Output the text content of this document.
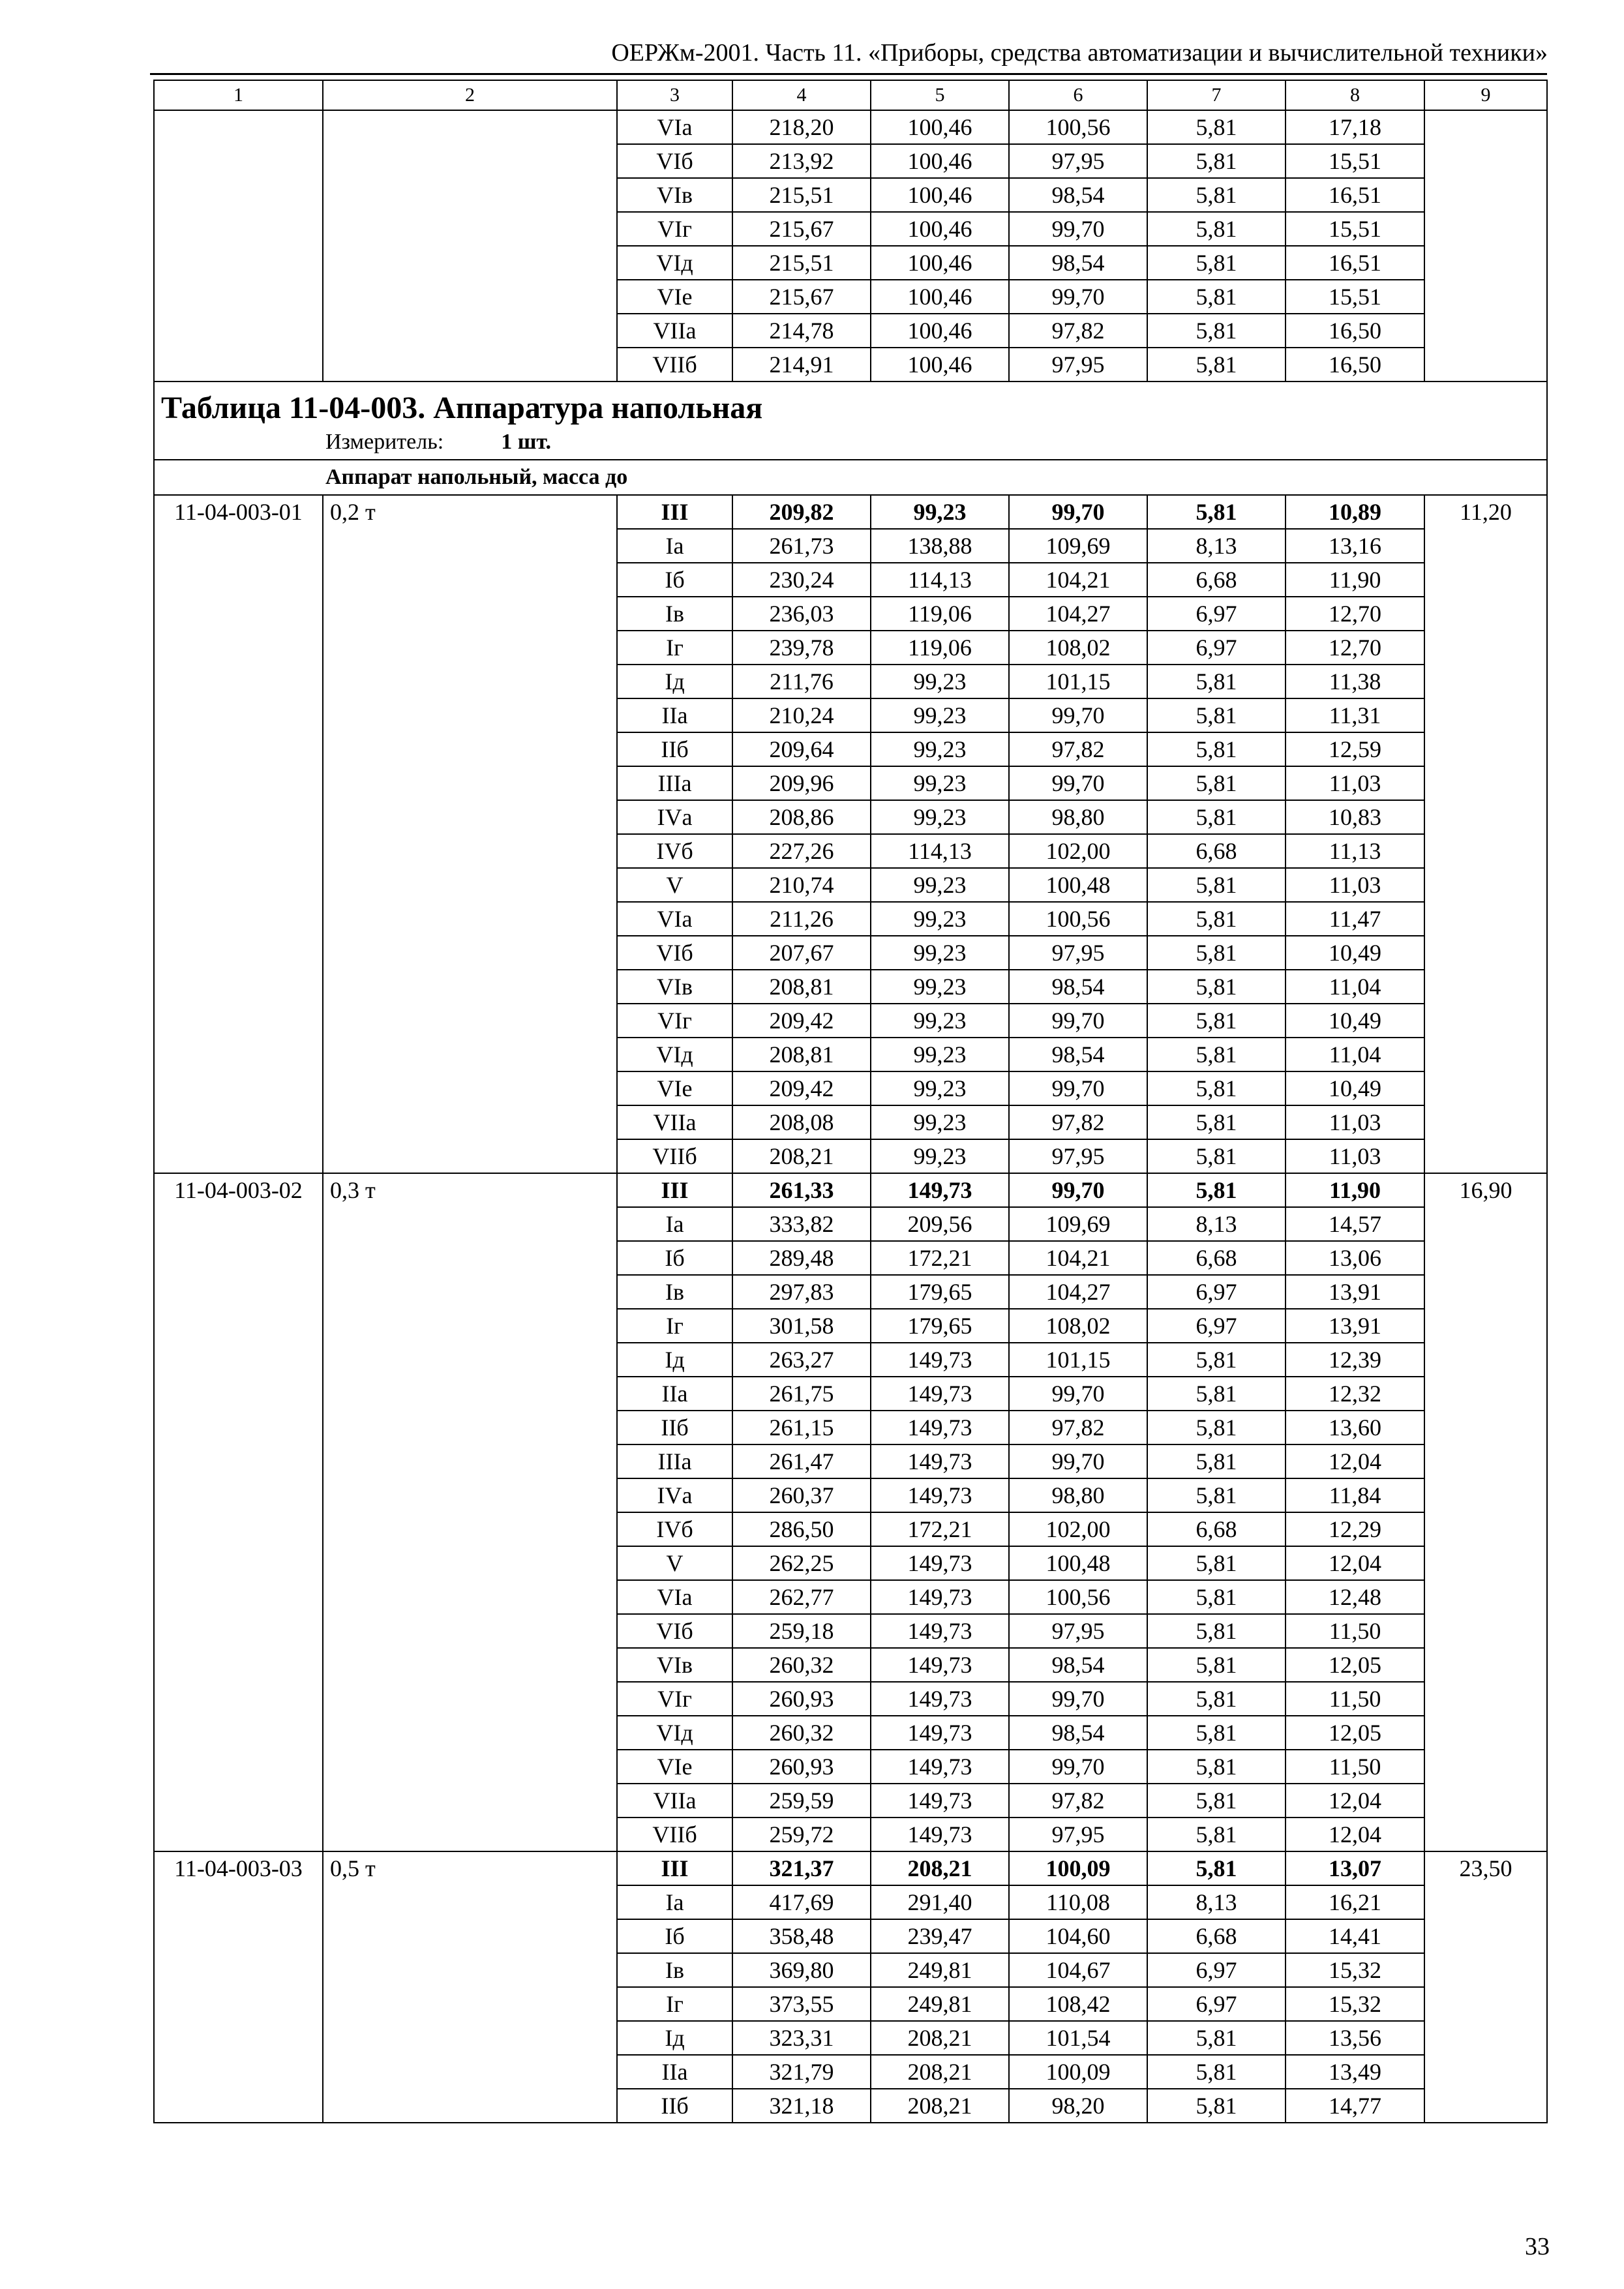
ОЕРЖм-2001. Часть 11. «Приборы, средства автоматизации и вычислительной техники»
1	2	3	4	5	6	7	8	9
		VIа	218,20	100,46	100,56	5,81	17,18	
		VIб	213,92	100,46	97,95	5,81	15,51	
		VIв	215,51	100,46	98,54	5,81	16,51	
		VIг	215,67	100,46	99,70	5,81	15,51	
		VIд	215,51	100,46	98,54	5,81	16,51	
		VIе	215,67	100,46	99,70	5,81	15,51	
		VIIа	214,78	100,46	97,82	5,81	16,50	
		VIIб	214,91	100,46	97,95	5,81	16,50	

Таблица 11-04-003. Аппаратура напольная
Измеритель: 1 шт.								

Аппарат напольный, масса до								
11-04-003-01	0,2 т	III	209,82	99,23	99,70	5,81	10,89	11,20
		Iа	261,73	138,88	109,69	8,13	13,16	
		Iб	230,24	114,13	104,21	6,68	11,90	
		Iв	236,03	119,06	104,27	6,97	12,70	
		Iг	239,78	119,06	108,02	6,97	12,70	
		Iд	211,76	99,23	101,15	5,81	11,38	
		IIа	210,24	99,23	99,70	5,81	11,31	
		IIб	209,64	99,23	97,82	5,81	12,59	
		IIIа	209,96	99,23	99,70	5,81	11,03	
		IVа	208,86	99,23	98,80	5,81	10,83	
		IVб	227,26	114,13	102,00	6,68	11,13	
		V	210,74	99,23	100,48	5,81	11,03	
		VIа	211,26	99,23	100,56	5,81	11,47	
		VIб	207,67	99,23	97,95	5,81	10,49	
		VIв	208,81	99,23	98,54	5,81	11,04	
		VIг	209,42	99,23	99,70	5,81	10,49	
		VIд	208,81	99,23	98,54	5,81	11,04	
		VIе	209,42	99,23	99,70	5,81	10,49	
		VIIа	208,08	99,23	97,82	5,81	11,03	
		VIIб	208,21	99,23	97,95	5,81	11,03	
11-04-003-02	0,3 т	III	261,33	149,73	99,70	5,81	11,90	16,90
		Iа	333,82	209,56	109,69	8,13	14,57	
		Iб	289,48	172,21	104,21	6,68	13,06	
		Iв	297,83	179,65	104,27	6,97	13,91	
		Iг	301,58	179,65	108,02	6,97	13,91	
		Iд	263,27	149,73	101,15	5,81	12,39	
		IIа	261,75	149,73	99,70	5,81	12,32	
		IIб	261,15	149,73	97,82	5,81	13,60	
		IIIа	261,47	149,73	99,70	5,81	12,04	
		IVа	260,37	149,73	98,80	5,81	11,84	
		IVб	286,50	172,21	102,00	6,68	12,29	
		V	262,25	149,73	100,48	5,81	12,04	
		VIа	262,77	149,73	100,56	5,81	12,48	
		VIб	259,18	149,73	97,95	5,81	11,50	
		VIв	260,32	149,73	98,54	5,81	12,05	
		VIг	260,93	149,73	99,70	5,81	11,50	
		VIд	260,32	149,73	98,54	5,81	12,05	
		VIе	260,93	149,73	99,70	5,81	11,50	
		VIIа	259,59	149,73	97,82	5,81	12,04	
		VIIб	259,72	149,73	97,95	5,81	12,04	
11-04-003-03	0,5 т	III	321,37	208,21	100,09	5,81	13,07	23,50
		Iа	417,69	291,40	110,08	8,13	16,21	
		Iб	358,48	239,47	104,60	6,68	14,41	
		Iв	369,80	249,81	104,67	6,97	15,32	
		Iг	373,55	249,81	108,42	6,97	15,32	
		Iд	323,31	208,21	101,54	5,81	13,56	
		IIа	321,79	208,21	100,09	5,81	13,49	
		IIб	321,18	208,21	98,20	5,81	14,77	
33
